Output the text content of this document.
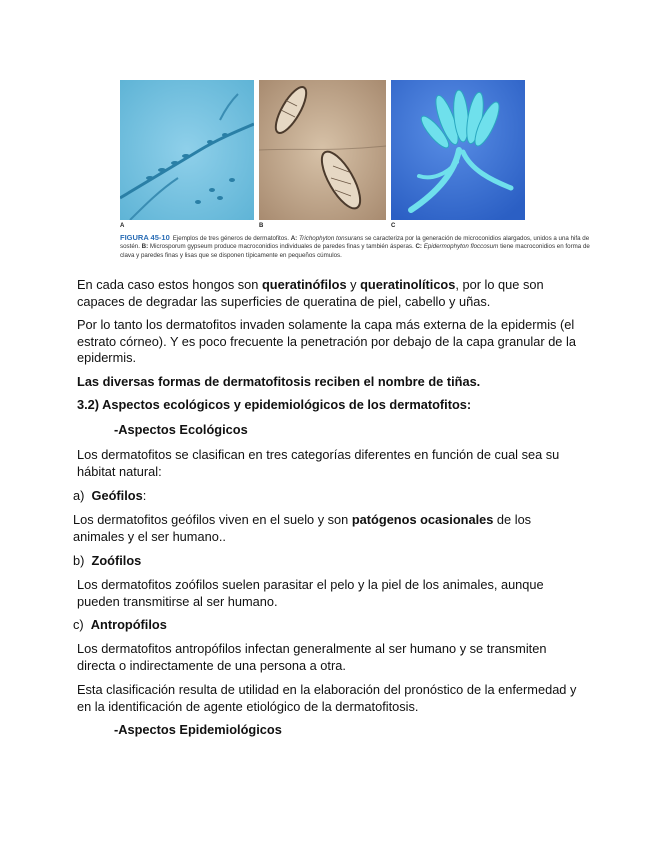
A	B	C
FIGURA 45-10 Ejemplos de tres géneros de dermatofitos. A: Trichophyton tonsurans se caracteriza por la generación de microconidios alargados, unidos a una hifa de sostén. B: Microsporum gypseum produce macroconidios individuales de paredes finas y también ásperas. C: Epidermophyton floccosum tiene macroconidios en forma de clava y paredes finas y lisas que se disponen típicamente en pequeños cúmulos.
En cada caso estos hongos son queratinófilos y queratinolíticos, por lo que son capaces de degradar las superficies de queratina de piel, cabello y uñas.
Por lo tanto los dermatofitos invaden solamente la capa más externa de la epidermis (el estrato córneo). Y es poco frecuente la penetración por debajo de la capa granular de la epidermis.
Las diversas formas de dermatofitosis reciben el nombre de tiñas.
3.2) Aspectos ecológicos y epidemiológicos de los dermatofitos:
-Aspectos Ecológicos
Los dermatofitos se clasifican en tres categorías diferentes en función de cual sea su hábitat natural:
a) Geófilos:
Los dermatofitos geófilos viven en el suelo y son patógenos ocasionales de los animales y el ser humano..
b) Zoófilos
Los dermatofitos zoófilos suelen parasitar el pelo y la piel de los animales, aunque pueden transmitirse al ser humano.
c) Antropófilos
Los dermatofitos antropófilos infectan generalmente al ser humano y se transmiten directa o indirectamente de una persona a otra.
Esta clasificación resulta de utilidad en la elaboración del pronóstico de la enfermedad y en la identificación de agente etiológico de la dermatofitosis.
-Aspectos Epidemiológicos
